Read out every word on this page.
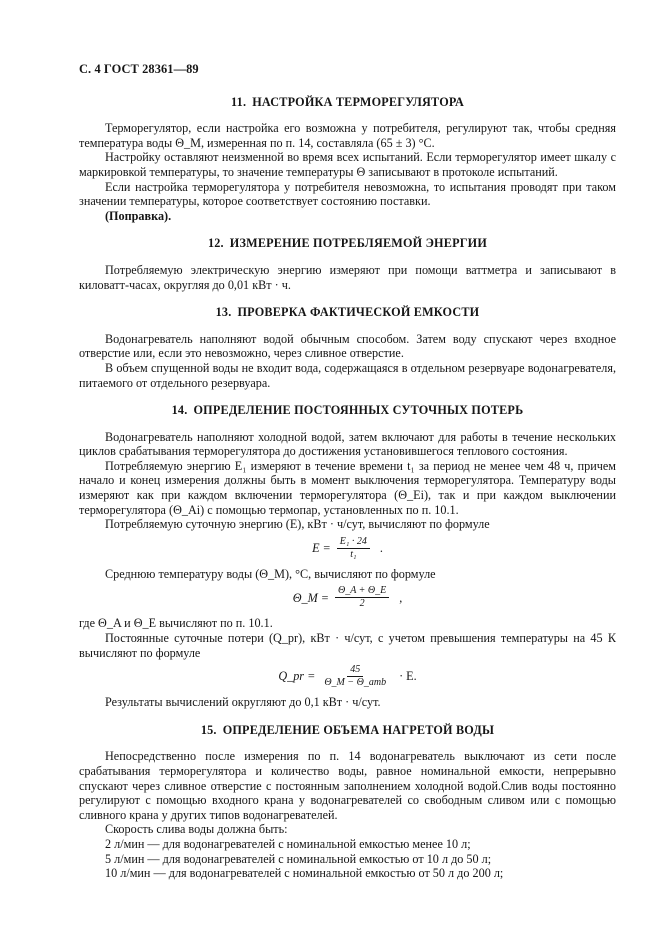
С. 4 ГОСТ 28361—89
11. НАСТРОЙКА ТЕРМОРЕГУЛЯТОРА

Терморегулятор, если настройка его возможна у потребителя, регулируют так, чтобы средняя температура воды Θ_M, измеренная по п. 14, составляла (65 ± 3) °С.

Настройку оставляют неизменной во время всех испытаний. Если терморегулятор имеет шкалу с маркировкой температуры, то значение температуры Θ записывают в протоколе испытаний.

Если настройка терморегулятора у потребителя невозможна, то испытания проводят при таком значении температуры, которое соответствует состоянию поставки.

(Поправка).

12. ИЗМЕРЕНИЕ ПОТРЕБЛЯЕМОЙ ЭНЕРГИИ

Потребляемую электрическую энергию измеряют при помощи ваттметра и записывают в киловатт-часах, округляя до 0,01 кВт · ч.

13. ПРОВЕРКА ФАКТИЧЕСКОЙ ЕМКОСТИ

Водонагреватель наполняют водой обычным способом. Затем воду спускают через входное отверстие или, если это невозможно, через сливное отверстие.

В объем спущенной воды не входит вода, содержащаяся в отдельном резервуаре водонагревателя, питаемого от отдельного резервуара.

14. ОПРЕДЕЛЕНИЕ ПОСТОЯННЫХ СУТОЧНЫХ ПОТЕРЬ

Водонагреватель наполняют холодной водой, затем включают для работы в течение нескольких циклов срабатывания терморегулятора до достижения установившегося теплового состояния.

Потребляемую энергию E₁ измеряют в течение времени t₁ за период не менее чем 48 ч, причем начало и конец измерения должны быть в момент выключения терморегулятора. Температуру воды измеряют как при каждом включении терморегулятора (Θ_Ei), так и при каждом выключении терморегулятора (Θ_Ai) с помощью термопар, установленных по п. 10.1.

Потребляемую суточную энергию (E), кВт · ч/сут, вычисляют по формуле

$E = \frac{\text{E₁ · 24}}{\text{t₁}}$ .

Среднюю температуру воды (Θ_M), °С, вычисляют по формуле

Θ_M = $\frac{\Theta\_A + \Theta\_E}{2}$ ,

где Θ_A и Θ_E вычисляют по п. 10.1.

Постоянные суточные потери (Q_pr), кВт · ч/сут, с учетом превышения температуры на 45 К вычисляют по формуле

Q_pr = $\frac{45}{\text{Θ\_M − Θ\_amb}} \cdot E$.

Результаты вычислений округляют до 0,1 кВт · ч/сут.

15. ОПРЕДЕЛЕНИЕ ОБЪЕМА НАГРЕТОЙ ВОДЫ

Непосредственно после измерения по п. 14 водонагреватель выключают из сети после срабатывания терморегулятора и количество воды, равное номинальной емкости, непрерывно спускают через сливное отверстие с постоянным заполнением холодной водой.Слив воды постоянно регулируют с помощью входного крана у водонагревателей со свободным сливом или с помощью сливного крана у других типов водонагревателей.

Скорость слива воды должна быть:

2 л/мин — для водонагревателей с номинальной емкостью менее 10 л;

5 л/мин — для водонагревателей с номинальной емкостью от 10 л до 50 л;

10 л/мин — для водонагревателей с номинальной емкостью от 50 л до 200 л;
